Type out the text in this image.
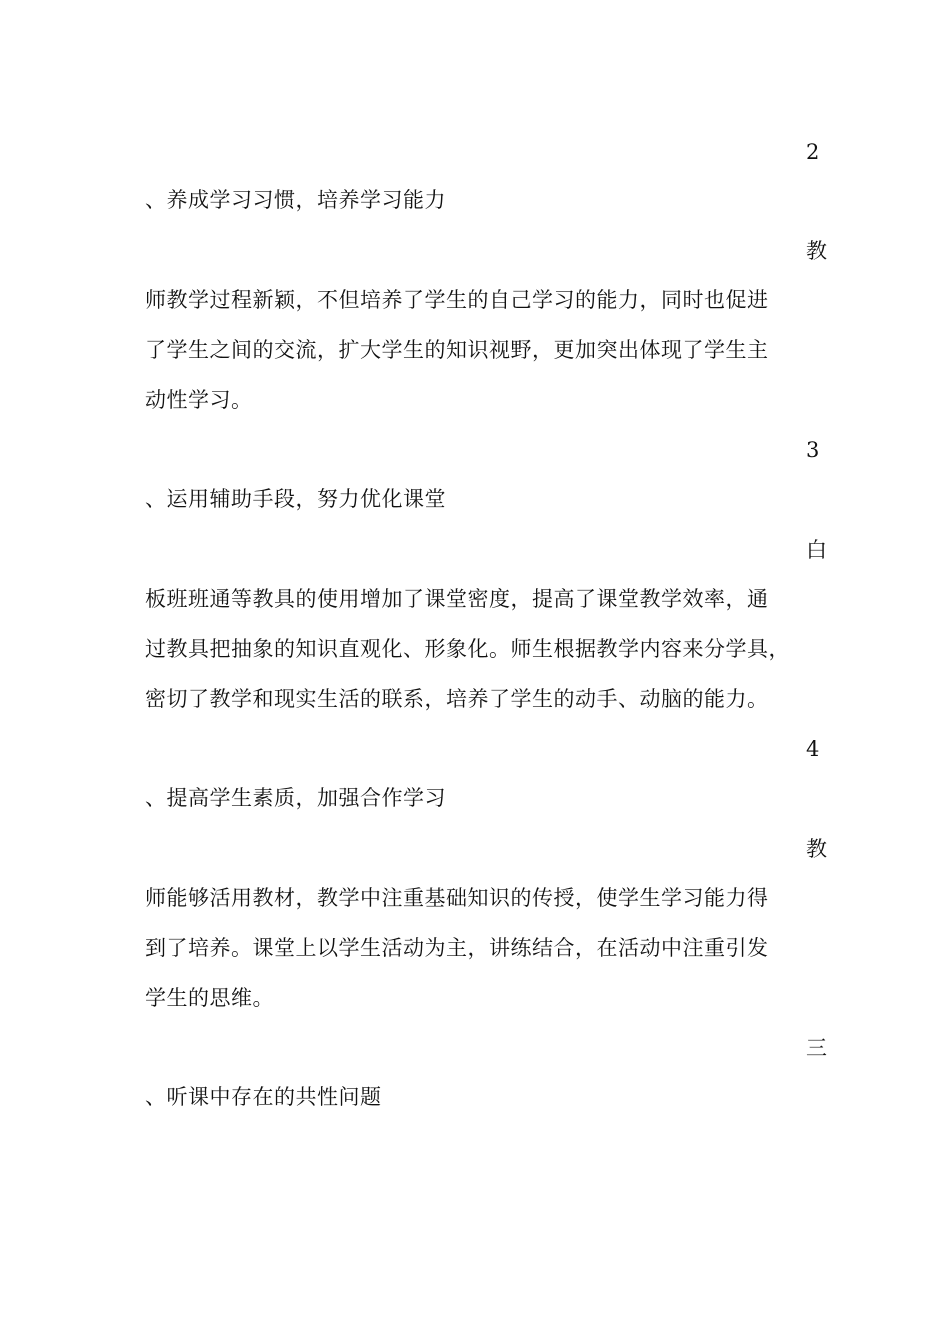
2
、养成学习习惯，培养学习能力
教
师教学过程新颖，不但培养了学生的自己学习的能力，同时也促进
了学生之间的交流，扩大学生的知识视野，更加突出体现了学生主
动性学习。
3
、运用辅助手段，努力优化课堂
白
板班班通等教具的使用增加了课堂密度，提高了课堂教学效率，通
过教具把抽象的知识直观化、形象化。师生根据教学内容来分学具，
密切了教学和现实生活的联系，培养了学生的动手、动脑的能力。
4
、提高学生素质，加强合作学习
教
师能够活用教材，教学中注重基础知识的传授，使学生学习能力得
到了培养。课堂上以学生活动为主，讲练结合，在活动中注重引发
学生的思维。
三
、听课中存在的共性问题
